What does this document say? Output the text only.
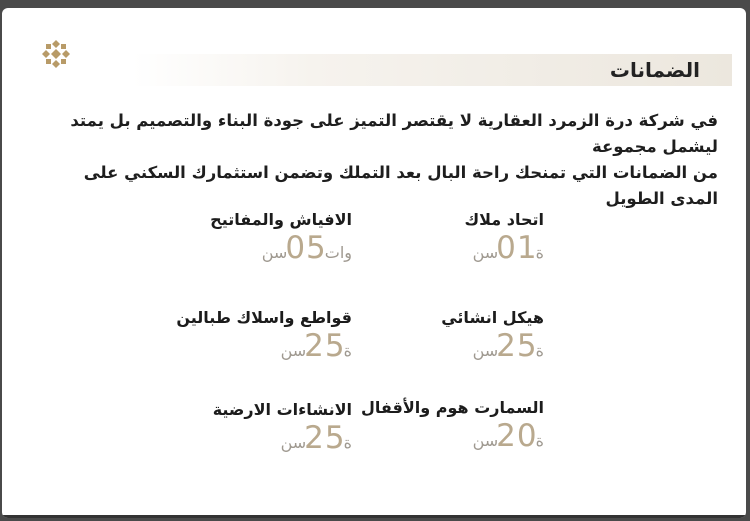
الضمانات
في شركة درة الزمرد العقارية لا يقتصر التميز على جودة البناء والتصميم بل يمتد ليشمل مجموعة
من الضمانات التي تمنحك راحة البال بعد التملك وتضمن استثمارك السكني على المدى الطويل
اتحاد ملاك
سن
01
ة
الافياش والمفاتيح
سن
05
وات
هيكل انشائي
سن
25
ة
قواطع واسلاك طبالين
سن
25
ة
السمارت هوم والأقفال
سن
20
ة
الانشاءات الارضية
سن
25
ة
